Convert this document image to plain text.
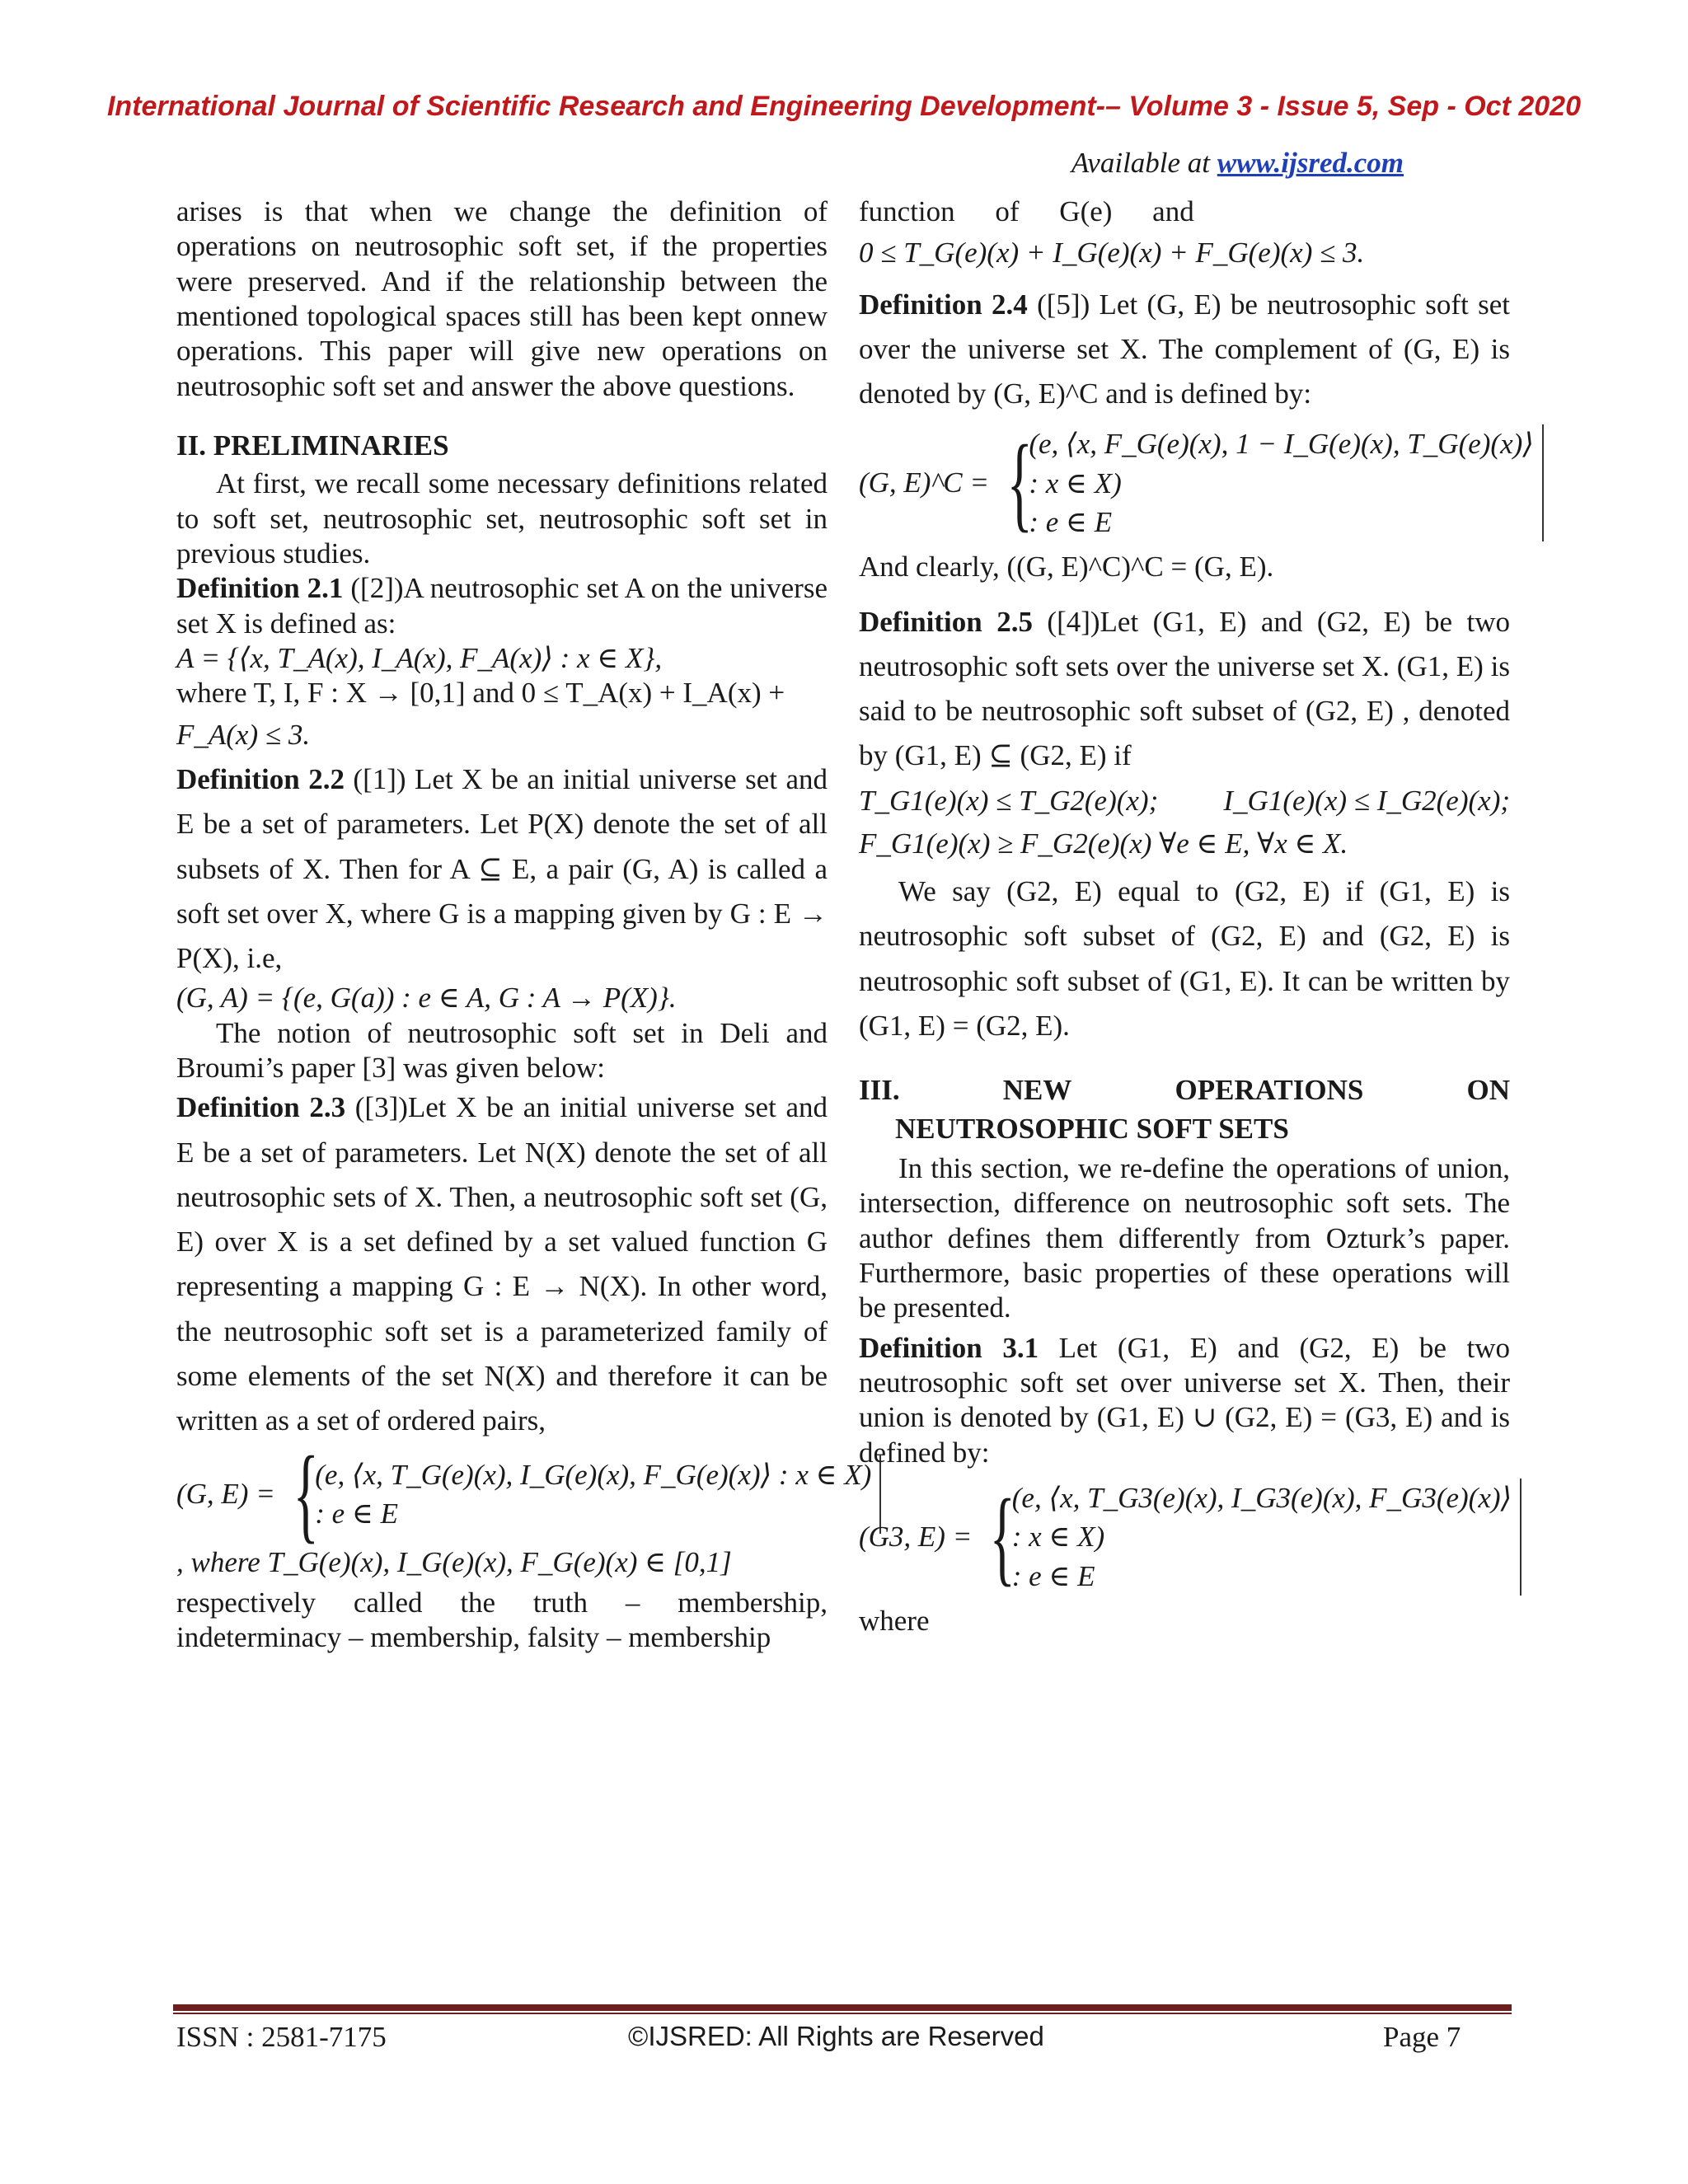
International Journal of Scientific Research and Engineering Development-– Volume 3 - Issue 5, Sep - Oct 2020
Available at www.ijsred.com

arises is that when we change the definition of operations on neutrosophic soft set, if the properties were preserved. And if the relationship between the mentioned topological spaces still has been kept onnew operations. This paper will give new operations on neutrosophic soft set and answer the above questions.

II. PRELIMINARIES

At first, we recall some necessary definitions related to soft set, neutrosophic set, neutrosophic soft set in previous studies.

Definition 2.1 ([2])A neutrosophic set A on the universe set X is defined as:

A = {⟨x, T_A(x), I_A(x), F_A(x)⟩ : x ∈ X},

where T, I, F : X → [0,1] and 0 ≤ T_A(x) + I_A(x) +

F_A(x) ≤ 3.

Definition 2.2 ([1]) Let X be an initial universe set and E be a set of parameters. Let P(X) denote the set of all subsets of X. Then for A ⊆ E, a pair (G, A) is called a soft set over X, where G is a mapping given by G : E → P(X), i.e,

(G, A) = {(e, G(a)) : e ∈ A, G : A → P(X)}.

The notion of neutrosophic soft set in Deli and Broumi’s paper [3] was given below:

Definition 2.3 ([3])Let X be an initial universe set and E be a set of parameters. Let N(X) denote the set of all neutrosophic sets of X. Then, a neutrosophic soft set (G, E) over X is a set defined by a set valued function G representing a mapping G : E → N(X). In other word, the neutrosophic soft set is a parameterized family of some elements of the set N(X) and therefore it can be written as a set of ordered pairs,

(G, E) = {
(e, ⟨x, T_G(e)(x), I_G(e)(x), F_G(e)(x)⟩ : x ∈ X)
: e ∈ E

, where T_G(e)(x), I_G(e)(x), F_G(e)(x) ∈ [0,1]

respectively called the truth – membership, indeterminacy – membership, falsity – membership

function of G(e) and

0 ≤ T_G(e)(x) + I_G(e)(x) + F_G(e)(x) ≤ 3.

Definition 2.4 ([5]) Let (G, E) be neutrosophic soft set over the universe set X. The complement of (G, E) is denoted by (G, E)^C and is defined by:

(G, E)^C = {
(e, ⟨x, F_G(e)(x), 1 − I_G(e)(x), T_G(e)(x)⟩
: x ∈ X)
: e ∈ E

And clearly, ((G, E)^C)^C = (G, E).

Definition 2.5 ([4])Let (G1, E) and (G2, E) be two neutrosophic soft sets over the universe set X. (G1, E) is said to be neutrosophic soft subset of (G2, E) , denoted by (G1, E) ⊆ (G2, E) if

T_G1(e)(x) ≤ T_G2(e)(x); I_G1(e)(x) ≤ I_G2(e)(x);

F_G1(e)(x) ≥ F_G2(e)(x) ∀e ∈ E, ∀x ∈ X.

We say (G2, E) equal to (G2, E) if (G1, E) is neutrosophic soft subset of (G2, E) and (G2, E) is neutrosophic soft subset of (G1, E). It can be written by (G1, E) = (G2, E).

III.	NEW	OPERATIONS	ON

NEUTROSOPHIC SOFT SETS

In this section, we re-define the operations of union, intersection, difference on neutrosophic soft sets. The author defines them differently from Ozturk’s paper. Furthermore, basic properties of these operations will be presented.

Definition 3.1 Let (G1, E) and (G2, E) be two neutrosophic soft set over universe set X. Then, their union is denoted by (G1, E) ∪ (G2, E) = (G3, E) and is defined by:

(G3, E) = {
(e, ⟨x, T_G3(e)(x), I_G3(e)(x), F_G3(e)(x)⟩
: x ∈ X)
: e ∈ E

where

ISSN : 2581-7175	©IJSRED: All Rights are Reserved	Page 7
